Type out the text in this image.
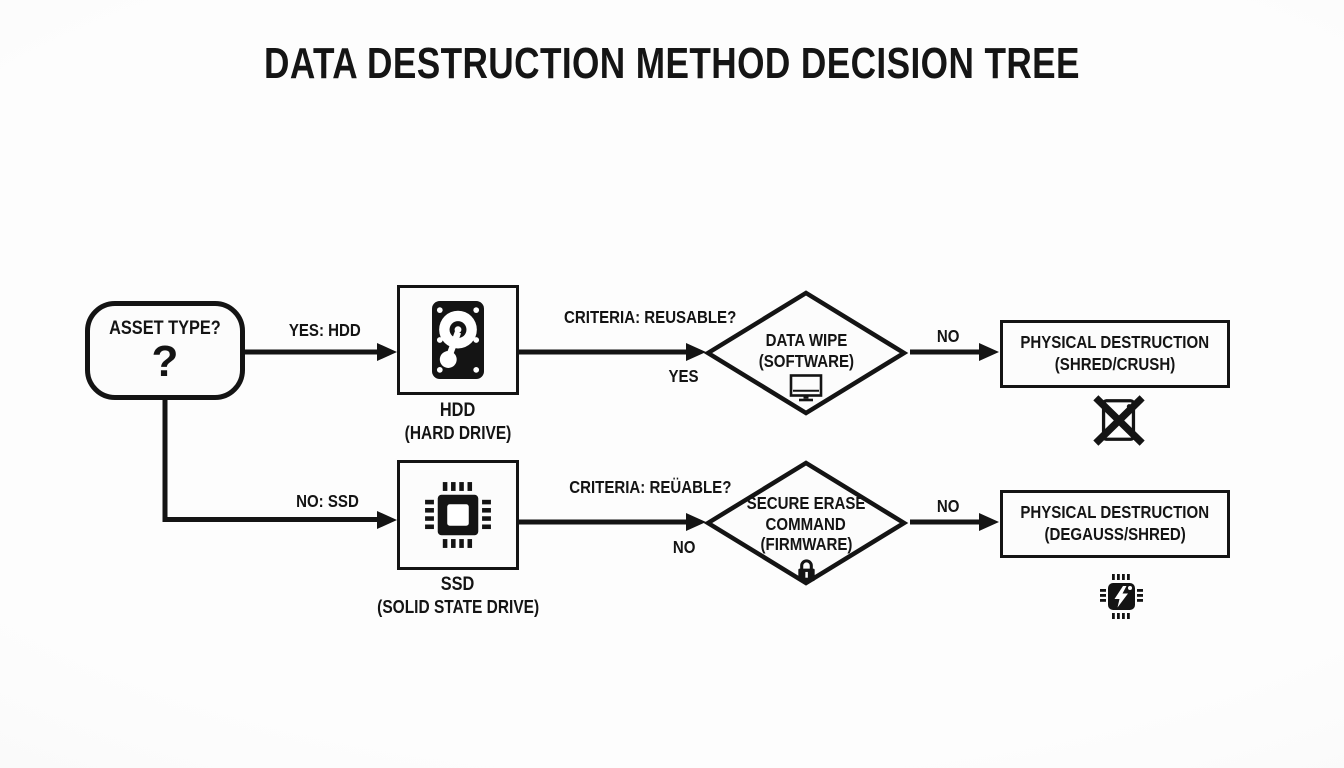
DATA DESTRUCTION METHOD DECISION TREE
ASSET TYPE?
?
HDD
(HARD DRIVE)
SSD
(SOLID STATE DRIVE)
DATA WIPE
(SOFTWARE)
SECURE ERASE
COMMAND
(FIRMWARE)
PHYSICAL DESTRUCTION
(SHRED/CRUSH)
PHYSICAL DESTRUCTION
(DEGAUSS/SHRED)
YES: HDD
CRITERIA: REUSABLE?
YES
NO
NO: SSD
CRITERIA: REÜABLE?
NO
NO
